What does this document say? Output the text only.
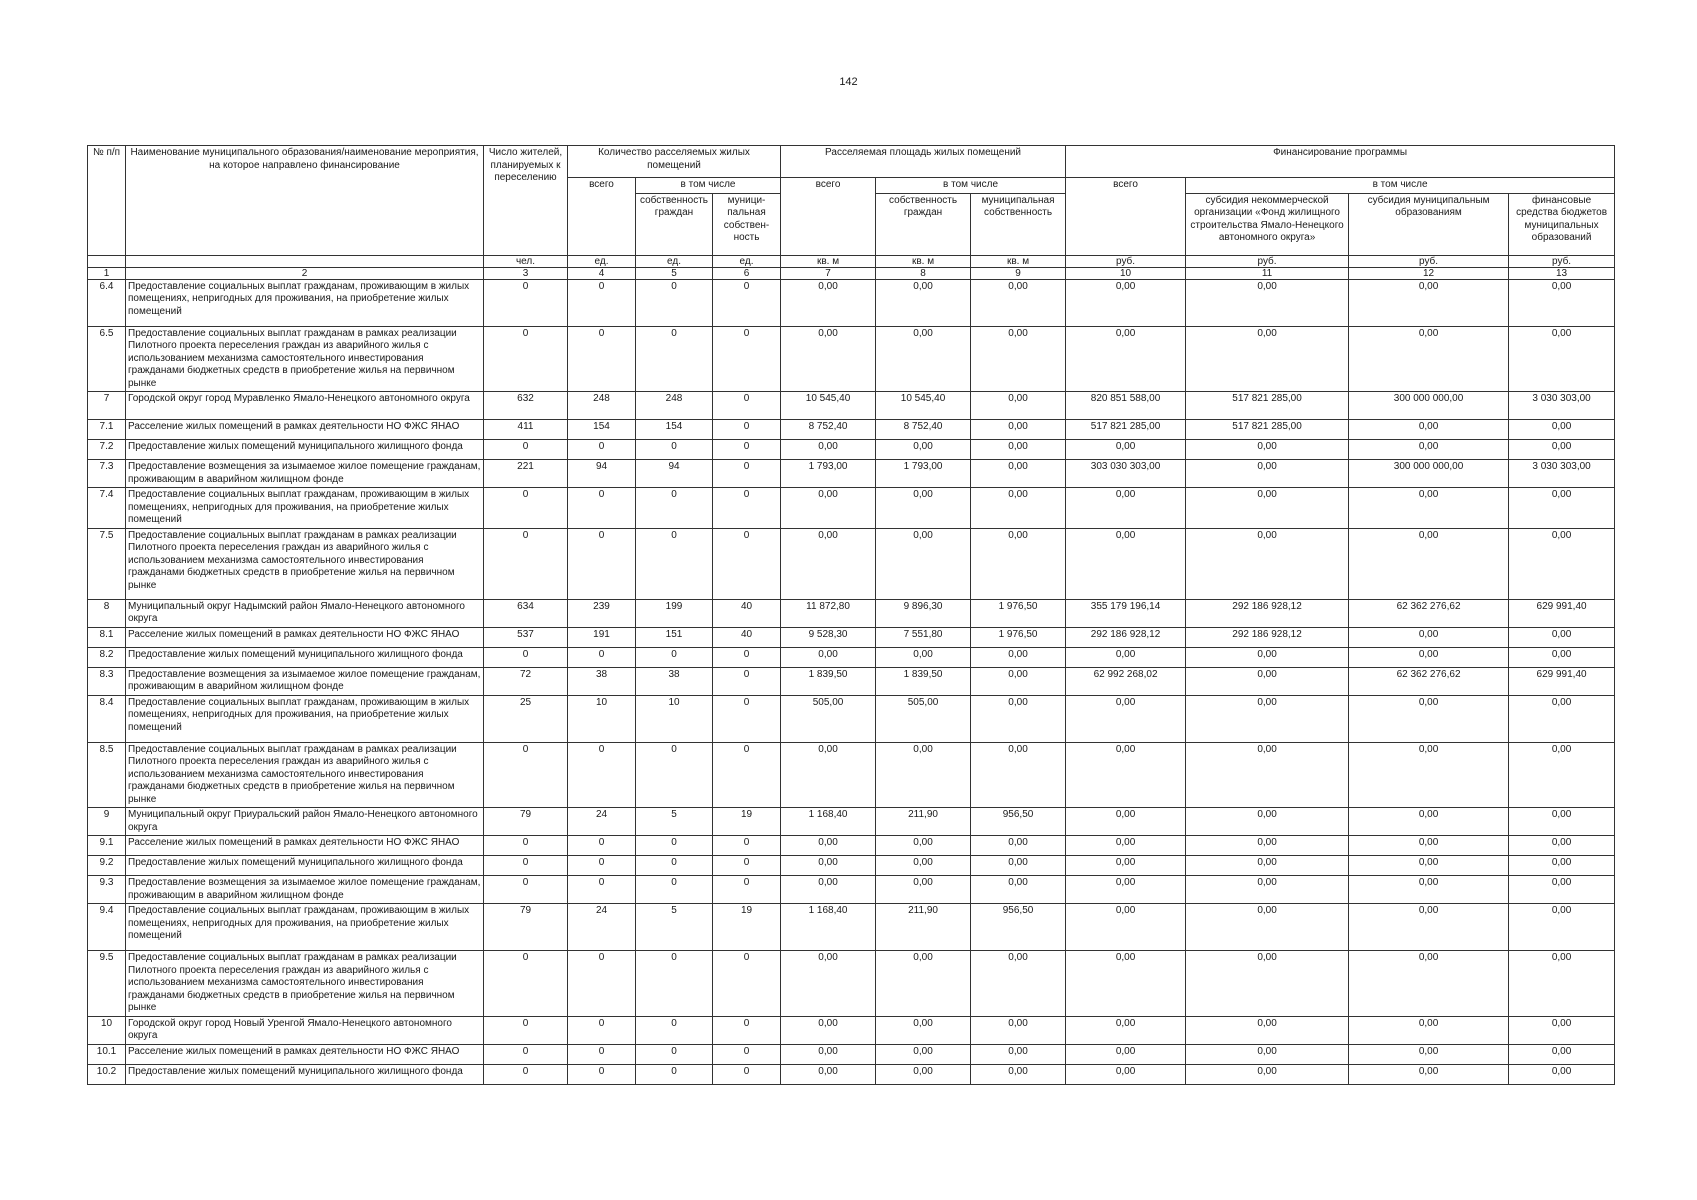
142
№ п/п	Наименование муниципального образования/наименование мероприятия, на которое направлено финансирование	Число жителей, планируемых к переселению	Количество расселяемых жилых помещений			Расселяемая площадь жилых помещений			Финансирование программы			
			всего	в том числе		всего	в том числе		всего	в том числе		
				собственность граждан	муници-пальная собствен-ность		собственность граждан	муниципальная собственность		субсидия некоммерческой организации «Фонд жилищного строительства Ямало-Ненецкого автономного округа»	субсидия муниципальным образованиям	финансовые средства бюджетов муниципальных образований
		чел.	ед.	ед.	ед.	кв. м	кв. м	кв. м	руб.	руб.	руб.	руб.
1	2	3	4	5	6	7	8	9	10	11	12	13
6.4	Предоставление социальных выплат гражданам, проживающим в жилых помещениях, непригодных для проживания, на приобретение жилых помещений	0	0	0	0	0,00	0,00	0,00	0,00	0,00	0,00	0,00
6.5	Предоставление социальных выплат гражданам в рамках реализации Пилотного проекта переселения граждан из аварийного жилья с использованием механизма самостоятельного инвестирования гражданами бюджетных средств в приобретение жилья на первичном рынке	0	0	0	0	0,00	0,00	0,00	0,00	0,00	0,00	0,00
7	Городской округ город Муравленко Ямало-Ненецкого автономного округа	632	248	248	0	10 545,40	10 545,40	0,00	820 851 588,00	517 821 285,00	300 000 000,00	3 030 303,00
7.1	Расселение жилых помещений в рамках деятельности НО ФЖС ЯНАО	411	154	154	0	8 752,40	8 752,40	0,00	517 821 285,00	517 821 285,00	0,00	0,00
7.2	Предоставление жилых помещений муниципального жилищного фонда	0	0	0	0	0,00	0,00	0,00	0,00	0,00	0,00	0,00
7.3	Предоставление возмещения за изымаемое жилое помещение гражданам, проживающим в аварийном жилищном фонде	221	94	94	0	1 793,00	1 793,00	0,00	303 030 303,00	0,00	300 000 000,00	3 030 303,00
7.4	Предоставление социальных выплат гражданам, проживающим в жилых помещениях, непригодных для проживания, на приобретение жилых помещений	0	0	0	0	0,00	0,00	0,00	0,00	0,00	0,00	0,00
7.5	Предоставление социальных выплат гражданам в рамках реализации Пилотного проекта переселения граждан из аварийного жилья с использованием механизма самостоятельного инвестирования гражданами бюджетных средств в приобретение жилья на первичном рынке	0	0	0	0	0,00	0,00	0,00	0,00	0,00	0,00	0,00
8	Муниципальный округ Надымский район Ямало-Ненецкого автономного округа	634	239	199	40	11 872,80	9 896,30	1 976,50	355 179 196,14	292 186 928,12	62 362 276,62	629 991,40
8.1	Расселение жилых помещений в рамках деятельности НО ФЖС ЯНАО	537	191	151	40	9 528,30	7 551,80	1 976,50	292 186 928,12	292 186 928,12	0,00	0,00
8.2	Предоставление жилых помещений муниципального жилищного фонда	0	0	0	0	0,00	0,00	0,00	0,00	0,00	0,00	0,00
8.3	Предоставление возмещения за изымаемое жилое помещение гражданам, проживающим в аварийном жилищном фонде	72	38	38	0	1 839,50	1 839,50	0,00	62 992 268,02	0,00	62 362 276,62	629 991,40
8.4	Предоставление социальных выплат гражданам, проживающим в жилых помещениях, непригодных для проживания, на приобретение жилых помещений	25	10	10	0	505,00	505,00	0,00	0,00	0,00	0,00	0,00
8.5	Предоставление социальных выплат гражданам в рамках реализации Пилотного проекта переселения граждан из аварийного жилья с использованием механизма самостоятельного инвестирования гражданами бюджетных средств в приобретение жилья на первичном рынке	0	0	0	0	0,00	0,00	0,00	0,00	0,00	0,00	0,00
9	Муниципальный округ Приуральский район Ямало-Ненецкого автономного округа	79	24	5	19	1 168,40	211,90	956,50	0,00	0,00	0,00	0,00
9.1	Расселение жилых помещений в рамках деятельности НО ФЖС ЯНАО	0	0	0	0	0,00	0,00	0,00	0,00	0,00	0,00	0,00
9.2	Предоставление жилых помещений муниципального жилищного фонда	0	0	0	0	0,00	0,00	0,00	0,00	0,00	0,00	0,00
9.3	Предоставление возмещения за изымаемое жилое помещение гражданам, проживающим в аварийном жилищном фонде	0	0	0	0	0,00	0,00	0,00	0,00	0,00	0,00	0,00
9.4	Предоставление социальных выплат гражданам, проживающим в жилых помещениях, непригодных для проживания, на приобретение жилых помещений	79	24	5	19	1 168,40	211,90	956,50	0,00	0,00	0,00	0,00
9.5	Предоставление социальных выплат гражданам в рамках реализации Пилотного проекта переселения граждан из аварийного жилья с использованием механизма самостоятельного инвестирования гражданами бюджетных средств в приобретение жилья на первичном рынке	0	0	0	0	0,00	0,00	0,00	0,00	0,00	0,00	0,00
10	Городской округ город Новый Уренгой Ямало-Ненецкого автономного округа	0	0	0	0	0,00	0,00	0,00	0,00	0,00	0,00	0,00
10.1	Расселение жилых помещений в рамках деятельности НО ФЖС ЯНАО	0	0	0	0	0,00	0,00	0,00	0,00	0,00	0,00	0,00
10.2	Предоставление жилых помещений муниципального жилищного фонда	0	0	0	0	0,00	0,00	0,00	0,00	0,00	0,00	0,00
